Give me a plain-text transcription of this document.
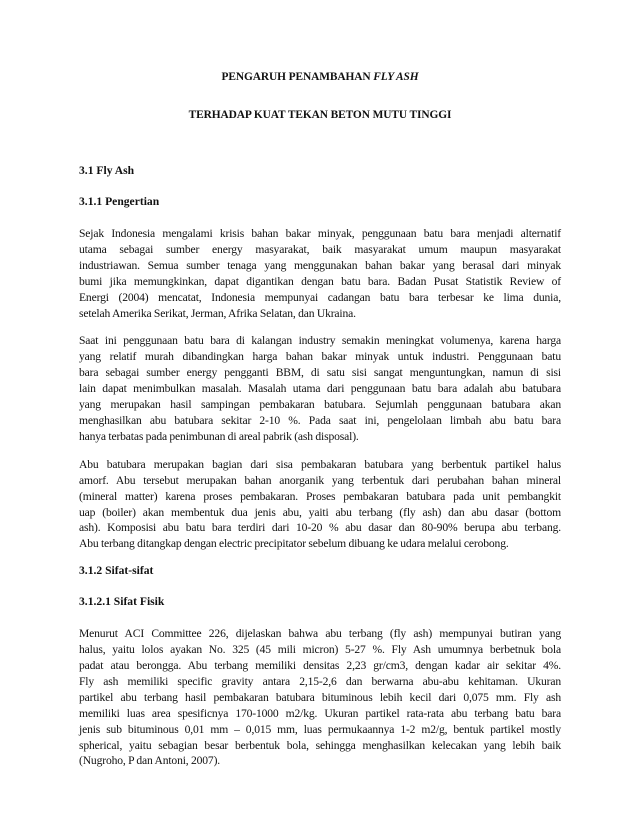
PENGARUH PENAMBAHAN FLY ASH

TERHADAP KUAT TEKAN BETON MUTU TINGGI

3.1 Fly Ash

3.1.1 Pengertian

Sejak Indonesia mengalami krisis bahan bakar minyak, penggunaan batu bara menjadi alternatif
utama sebagai sumber energy masyarakat, baik masyarakat umum maupun masyarakat
industriawan. Semua sumber tenaga yang menggunakan bahan bakar yang berasal dari minyak
bumi jika memungkinkan, dapat digantikan dengan batu bara. Badan Pusat Statistik Review of
Energi (2004) mencatat, Indonesia mempunyai cadangan batu bara terbesar ke lima dunia,
setelah Amerika Serikat, Jerman, Afrika Selatan, dan Ukraina.
Saat ini penggunaan batu bara di kalangan industry semakin meningkat volumenya, karena harga
yang relatif murah dibandingkan harga bahan bakar minyak untuk industri. Penggunaan batu
bara sebagai sumber energy pengganti BBM, di satu sisi sangat menguntungkan, namun di sisi
lain dapat menimbulkan masalah. Masalah utama dari penggunaan batu bara adalah abu batubara
yang merupakan hasil sampingan pembakaran batubara. Sejumlah penggunaan batubara akan
menghasilkan abu batubara sekitar 2-10 %. Pada saat ini, pengelolaan limbah abu batu bara
hanya terbatas pada penimbunan di areal pabrik (ash disposal).
Abu batubara merupakan bagian dari sisa pembakaran batubara yang berbentuk partikel halus
amorf. Abu tersebut merupakan bahan anorganik yang terbentuk dari perubahan bahan mineral
(mineral matter) karena proses pembakaran. Proses pembakaran batubara pada unit pembangkit
uap (boiler) akan membentuk dua jenis abu, yaiti abu terbang (fly ash) dan abu dasar (bottom
ash). Komposisi abu batu bara terdiri dari 10-20 % abu dasar dan 80-90% berupa abu terbang.
Abu terbang ditangkap dengan electric precipitator sebelum dibuang ke udara melalui cerobong.

3.1.2 Sifat-sifat

3.1.2.1 Sifat Fisik

Menurut ACI Committee 226, dijelaskan bahwa abu terbang (fly ash) mempunyai butiran yang
halus, yaitu lolos ayakan No. 325 (45 mili micron) 5-27 %. Fly Ash umumnya berbetnuk bola
padat atau berongga. Abu terbang memiliki densitas 2,23 gr/cm3, dengan kadar air sekitar 4%.
Fly ash memiliki specific gravity antara 2,15-2,6 dan berwarna abu-abu kehitaman. Ukuran
partikel abu terbang hasil pembakaran batubara bituminous lebih kecil dari 0,075 mm. Fly ash
memiliki luas area spesificnya 170-1000 m2/kg. Ukuran partikel rata-rata abu terbang batu bara
jenis sub bituminous 0,01 mm – 0,015 mm, luas permukaannya 1-2 m2/g, bentuk partikel mostly
spherical, yaitu sebagian besar berbentuk bola, sehingga menghasilkan kelecakan yang lebih baik
(Nugroho, P dan Antoni, 2007).
